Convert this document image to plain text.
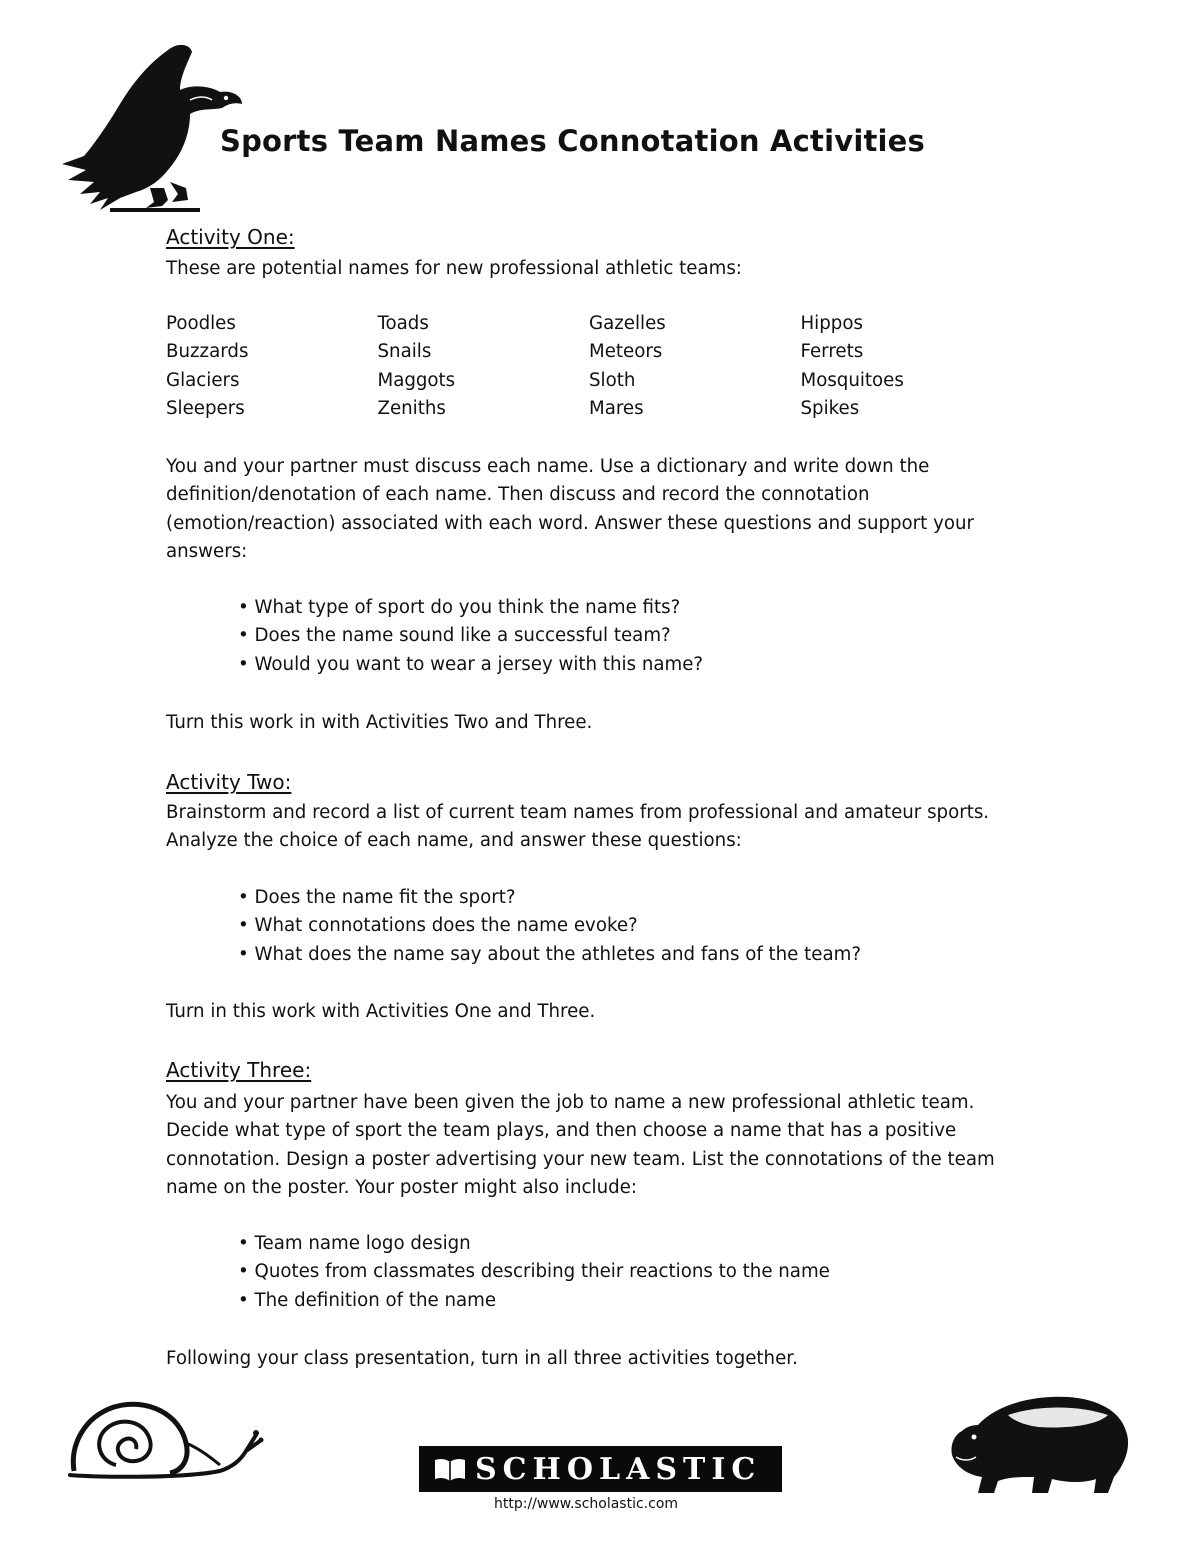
Sports Team Names Connotation Activities
Activity One:
These are potential names for new professional athletic teams:
Poodles	Toads	Gazelles	Hippos
Buzzards	Snails	Meteors	Ferrets
Glaciers	Maggots	Sloth	Mosquitoes
Sleepers	Zeniths	Mares	Spikes
You and your partner must discuss each name. Use a dictionary and write down the
definition/denotation of each name. Then discuss and record the connotation
(emotion/reaction) associated with each word. Answer these questions and support your
answers:
• What type of sport do you think the name fits?
• Does the name sound like a successful team?
• Would you want to wear a jersey with this name?
Turn this work in with Activities Two and Three.
Activity Two:
Brainstorm and record a list of current team names from professional and amateur sports.
Analyze the choice of each name, and answer these questions:
• Does the name fit the sport?
• What connotations does the name evoke?
• What does the name say about the athletes and fans of the team?
Turn in this work with Activities One and Three.
Activity Three:
You and your partner have been given the job to name a new professional athletic team.
Decide what type of sport the team plays, and then choose a name that has a positive
connotation. Design a poster advertising your new team. List the connotations of the team
name on the poster. Your poster might also include:
• Team name logo design
• Quotes from classmates describing their reactions to the name
• The definition of the name
Following your class presentation, turn in all three activities together.
SCHOLASTIC
http://www.scholastic.com
